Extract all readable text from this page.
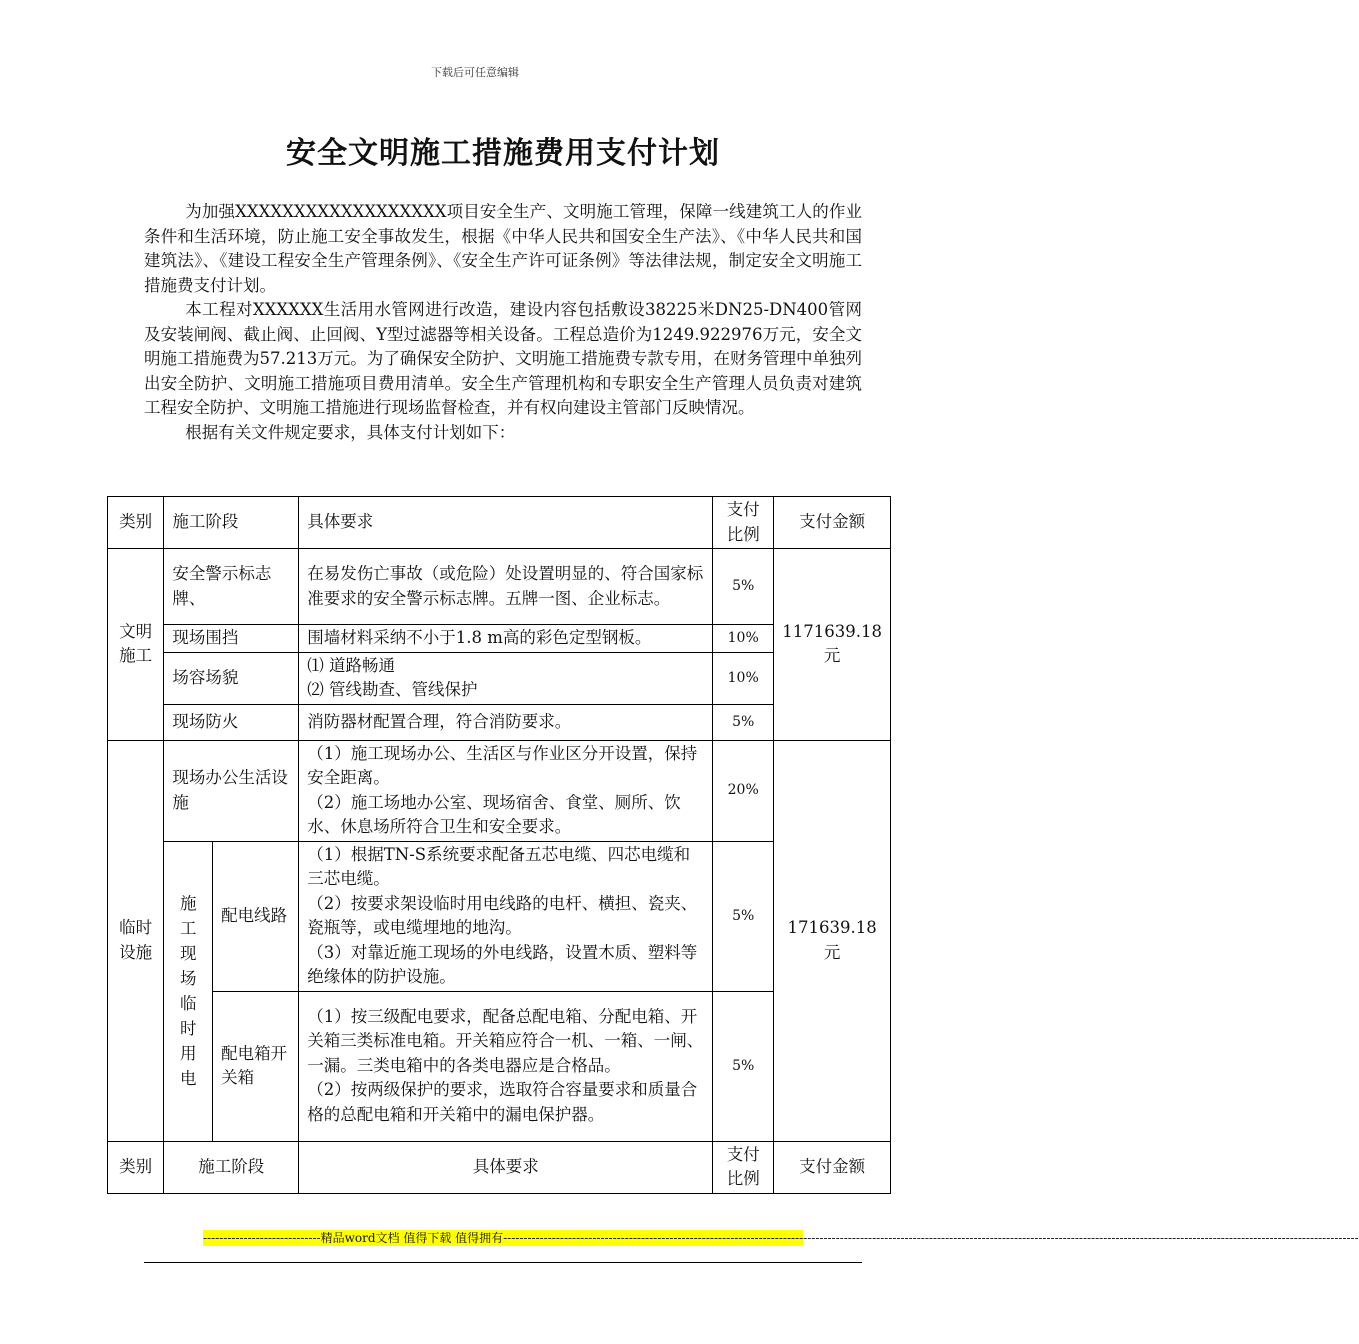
下载后可任意编辑
安全文明施工措施费用支付计划

为加强XXXXXXXXXXXXXXXXXX项目安全生产、文明施工管理，保障一线建筑工人的作业条件和生活环境，防止施工安全事故发生，根据《中华人民共和国安全生产法》、《中华人民共和国建筑法》、《建设工程安全生产管理条例》、《安全生产许可证条例》等法律法规，制定安全文明施工措施费支付计划。

本工程对XXXXXX生活用水管网进行改造，建设内容包括敷设38225米DN25-DN400管网及安装闸阀、截止阀、止回阀、Y型过滤器等相关设备。工程总造价为1249.922976万元，安全文明施工措施费为57.213万元。为了确保安全防护、文明施工措施费专款专用，在财务管理中单独列出安全防护、文明施工措施项目费用清单。安全生产管理机构和专职安全生产管理人员负责对建筑工程安全防护、文明施工措施进行现场监督检查，并有权向建设主管部门反映情况。

根据有关文件规定要求，具体支付计划如下：

类别	施工阶段		具体要求	支付比例	支付金额
文明施工	安全警示标志牌、		在易发伤亡事故（或危险）处设置明显的、符合国家标准要求的安全警示标志牌。五牌一图、企业标志。	5%	1171639.18元
	现场围挡		围墙材料采纳不小于1.8 m高的彩色定型钢板。	10%	
	场容场貌		⑴ 道路畅通
⑵ 管线勘查、管线保护	10%	
	现场防火		消防器材配置合理，符合消防要求。	5%	
临时设施	现场办公生活设施		（1）施工现场办公、生活区与作业区分开设置，保持安全距离。
（2）施工场地办公室、现场宿舍、食堂、厕所、饮水、休息场所符合卫生和安全要求。	20%	171639.18元
	施工现场临时用电	配电线路	（1）根据TN-S系统要求配备五芯电缆、四芯电缆和三芯电缆。
（2）按要求架设临时用电线路的电杆、横担、瓷夹、瓷瓶等，或电缆埋地的地沟。
（3）对靠近施工现场的外电线路，设置木质、塑料等绝缘体的防护设施。	5%	
		配电箱开关箱	（1）按三级配电要求，配备总配电箱、分配电箱、开关箱三类标准电箱。开关箱应符合一机、一箱、一闸、一漏。三类电箱中的各类电器应是合格品。
（2）按两级保护的要求，选取符合容量要求和质量合格的总配电箱和开关箱中的漏电保护器。	5%	
类别	施工阶段		具体要求	支付比例	支付金额
-----------------------------精品word文档 值得下载 值得拥有-------------------------------------------------------------------------------------------------------------------------------------------------------------------------------------------------------------------
